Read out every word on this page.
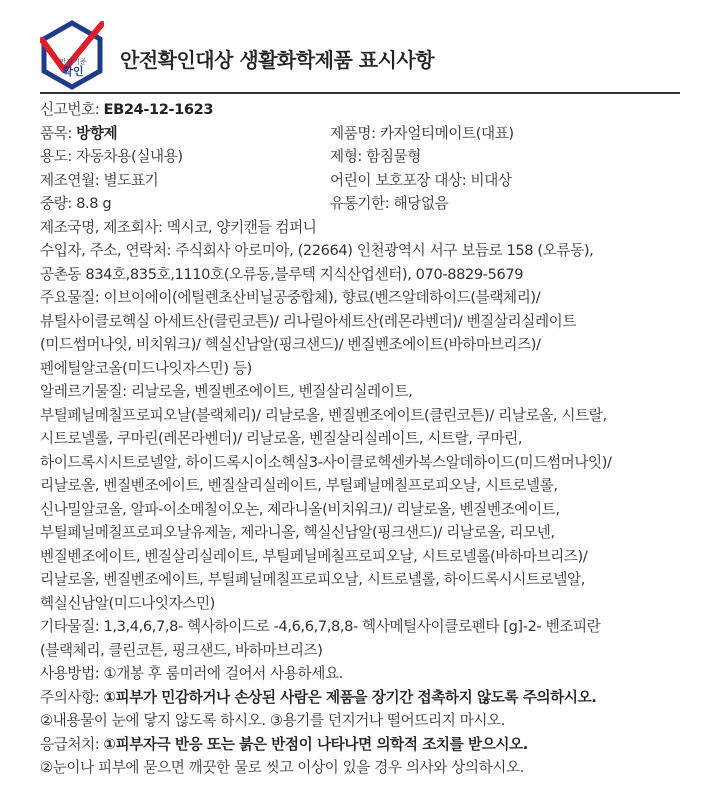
안전기준
확인 안전확인대상 생활화학제품 표시사항
신고번호: EB24-12-1623
품목: 방향제	제품명: 카자얼티메이트(대표)
용도: 자동차용(실내용)	제형: 함침물형
제조연월: 별도표기	어린이 보호포장 대상: 비대상
중량: 8.8 g	유통기한: 해당없음
제조국명, 제조회사: 멕시코, 양키캔들 컴퍼니
수입자, 주소, 연락처: 주식회사 아로미아, (22664) 인천광역시 서구 보듬로 158 (오류동),
공촌동 834호,835호,1110호(오류동,블루텍 지식산업센터), 070-8829-5679
주요물질: 이브이에이(에틸렌초산비닐공중합체), 향료(벤즈알데하이드(블랙체리)/
뷰틸사이클로헥실 아세트산(클린코튼)/ 리나릴아세트산(레몬라벤더)/ 벤질살리실레이트
(미드썸머나잇, 비치워크)/ 헥실신남알(핑크샌드)/ 벤질벤조에이트(바하마브리즈)/
펜에틸알코올(미드나잇자스민) 등)
알레르기물질: 리날로올, 벤질벤조에이트, 벤질살리실레이트,
부틸페닐메칠프로피오날(블랙체리)/ 리날로올, 벤질벤조에이트(클린코튼)/ 리날로올, 시트랄,
시트로넬롤, 쿠마린(레몬라벤더)/ 리날로올, 벤질살리실레이트, 시트랄, 쿠마린,
하이드록시시트로넬알, 하이드록시이소헥실3-사이클로헥센카복스알데하이드(미드썸머나잇)/
리날로올, 벤질벤조에이트, 벤질살리실레이트, 부틸페닐메칠프로피오날, 시트로넬롤,
신나밀알코올, 알파-이소메칠이오논, 제라니올(비치워크)/ 리날로올, 벤질벤조에이트,
부틸페닐메칠프로피오날유제놀, 제라니올, 헥실신남알(핑크샌드)/ 리날로올, 리모넨,
벤질벤조에이트, 벤질살리실레이트, 부틸페닐메칠프로피오날, 시트로넬롤(바하마브리즈)/
리날로올, 벤질벤조에이트, 부틸페닐메칠프로피오날, 시트로넬롤, 하이드록시시트로넬알,
헥실신남알(미드나잇자스민)
기타물질: 1,3,4,6,7,8- 헥사하이드로 -4,6,6,7,8,8- 헥사메틸사이클로펜타 [g]-2- 벤조피란
(블랙체리, 클린코튼, 핑크샌드, 바하마브리즈)
사용방법: ①개봉 후 룸미러에 걸어서 사용하세요.
주의사항: ①피부가 민감하거나 손상된 사람은 제품을 장기간 접촉하지 않도록 주의하시오.
②내용물이 눈에 닿지 않도록 하시오. ③용기를 던지거나 떨어뜨리지 마시오.
응급처치: ①피부자극 반응 또는 붉은 반점이 나타나면 의학적 조치를 받으시오.
②눈이나 피부에 묻으면 깨끗한 물로 씻고 이상이 있을 경우 의사와 상의하시오.
